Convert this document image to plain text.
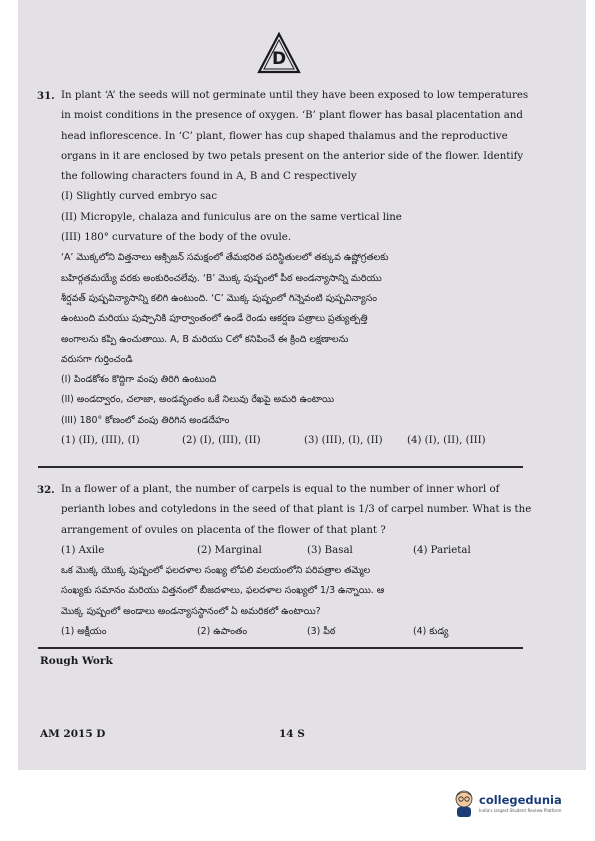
D
31. In plant ‘A’ the seeds will not germinate until they have been exposed to low temperatures
in moist conditions in the presence of oxygen. ‘B’ plant flower has basal placentation and
head inflorescence. In ‘C’ plant, flower has cup shaped thalamus and the reproductive
organs in it are enclosed by two petals present on the anterior side of the flower. Identify
the following characters found in A, B and C respectively
(I) Slightly curved embryo sac
(II) Micropyle, chalaza and funiculus are on the same vertical line
(III) 180° curvature of the body of the ovule.
‘A’ మొక్కలోని విత్తనాలు ఆక్సిజన్ సమక్షంలో తేమభరిత పరిస్థితులలో తక్కువ ఉష్ణోగ్రతలకు
బహిర్గతమయ్యే వరకు అంకురించలేవు. ‘B’ మొక్క పుష్పంలో పీఠ అండన్యాసాన్ని మరియు
శీర్షవత్ పుష్పవిన్యాసాన్ని కలిగి ఉంటుంది. ‘C’ మొక్క పుష్పంలో గిన్నెవంటి పుష్పవిన్యాసం
ఉంటుంది మరియు పుష్పానికి పూర్వాంతంలో ఉండే రెండు ఆకర్షణ పత్రాలు ప్రత్యుత్పత్తి
అంగాలను కప్పి ఉంచుతాయి. A, B మరియు Cలో కనిపించే ఈ క్రింది లక్షణాలను
వరుసగా గుర్తించండి
(I) పిండకోశం కొద్దిగా వంపు తిరిగి ఉంటుంది
(II) అండద్వారం, చలాజా, అండవృంతం ఒకే నిలువు రేఖపై అమరి ఉంటాయి
(III) 180° కోణంలో వంపు తిరిగిన అండదేహం
(1) (II), (III), (I)	(2) (I), (III), (II)	(3) (III), (I), (II)	(4) (I), (II), (III)
32. In a flower of a plant, the number of carpels is equal to the number of inner whorl of
perianth lobes and cotyledons in the seed of that plant is 1/3 of carpel number. What is the
arrangement of ovules on placenta of the flower of that plant ?
(1) Axile	(2) Marginal	(3) Basal	(4) Parietal
ఒక మొక్క యొక్క పుష్పంలో ఫలదళాల సంఖ్య లోపలి వలయంలోని పరిపత్రాల తమ్మెల
సంఖ్యకు సమానం మరియు విత్తనంలో బీజదళాలు, ఫలదళాల సంఖ్యలో 1/3 ఉన్నాయి. ఆ
మొక్క పుష్పంలో అండాలు అండన్యాసస్థానంలో ఏ అమరికలో ఉంటాయి?
(1) అక్షీయం	(2) ఉపాంతం	(3) పీఠ	(4) కుడ్య
Rough Work
AM 2015 D	14 S
collegedunia
India's largest Student Review Platform
